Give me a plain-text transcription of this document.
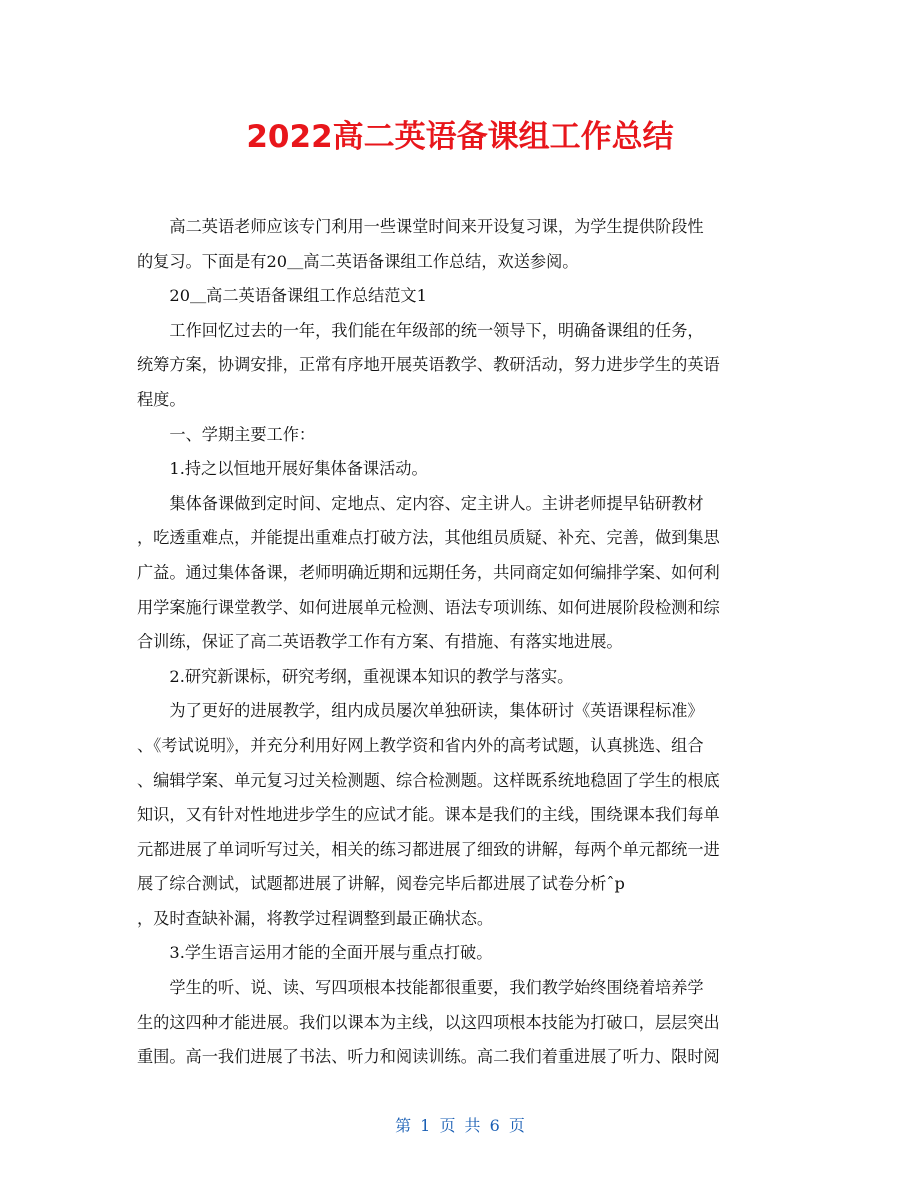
2022高二英语备课组工作总结

高二英语老师应该专门利用一些课堂时间来开设复习课，为学生提供阶段性
的复习。下面是有20＿高二英语备课组工作总结，欢送参阅。

20＿高二英语备课组工作总结范文1

工作回忆过去的一年，我们能在年级部的统一领导下，明确备课组的任务，
统筹方案，协调安排，正常有序地开展英语教学、教研活动，努力进步学生的英语
程度。

一、学期主要工作：

1.持之以恒地开展好集体备课活动。

集体备课做到定时间、定地点、定内容、定主讲人。主讲老师提早钻研教材
，吃透重难点，并能提出重难点打破方法，其他组员质疑、补充、完善，做到集思
广益。通过集体备课，老师明确近期和远期任务，共同商定如何编排学案、如何利
用学案施行课堂教学、如何进展单元检测、语法专项训练、如何进展阶段检测和综
合训练，保证了高二英语教学工作有方案、有措施、有落实地进展。

2.研究新课标，研究考纲，重视课本知识的教学与落实。

为了更好的进展教学，组内成员屡次单独研读，集体研讨《英语课程标准》
、《考试说明》，并充分利用好网上教学资和省内外的高考试题，认真挑选、组合
、编辑学案、单元复习过关检测题、综合检测题。这样既系统地稳固了学生的根底
知识，又有针对性地进步学生的应试才能。课本是我们的主线，围绕课本我们每单
元都进展了单词听写过关，相关的练习都进展了细致的讲解，每两个单元都统一进
展了综合测试，试题都进展了讲解，阅卷完毕后都进展了试卷分析ˆp
，及时查缺补漏，将教学过程调整到最正确状态。

3.学生语言运用才能的全面开展与重点打破。

学生的听、说、读、写四项根本技能都很重要，我们教学始终围绕着培养学
生的这四种才能进展。我们以课本为主线，以这四项根本技能为打破口，层层突出
重围。高一我们进展了书法、听力和阅读训练。高二我们着重进展了听力、限时阅

第 1 页 共 6 页
